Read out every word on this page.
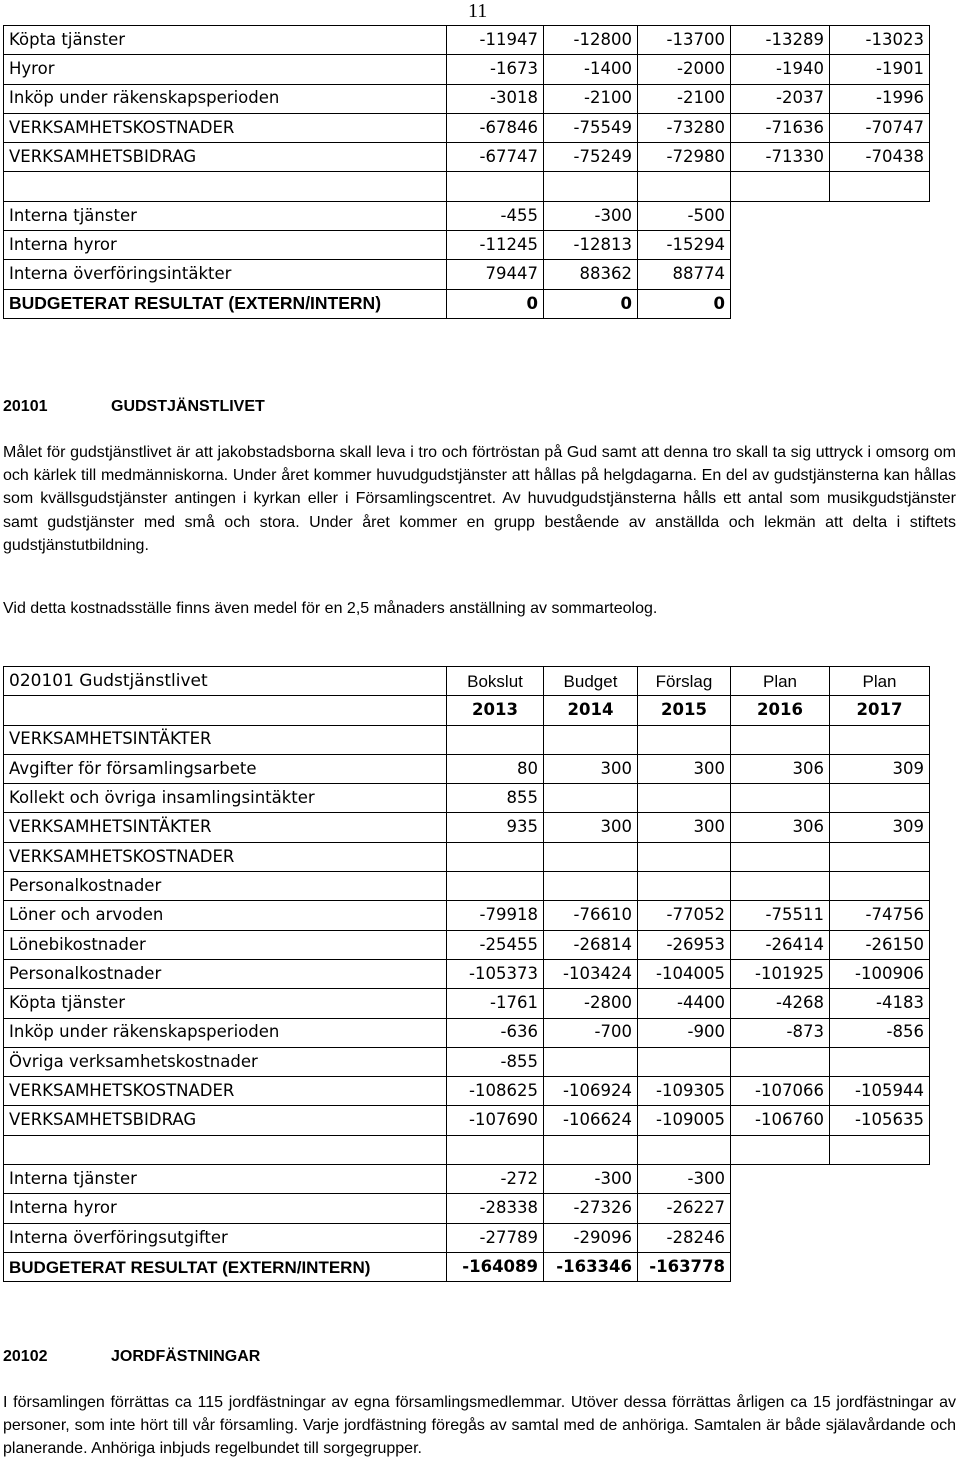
11
Köpta tjänster	-11947	-12800	-13700	-13289	-13023
Hyror	-1673	-1400	-2000	-1940	-1901
Inköp under räkenskapsperioden	-3018	-2100	-2100	-2037	-1996
VERKSAMHETSKOSTNADER	-67846	-75549	-73280	-71636	-70747
VERKSAMHETSBIDRAG	-67747	-75249	-72980	-71330	-70438

Interna tjänster	-455	-300	-500		
Interna hyror	-11245	-12813	-15294		
Interna överföringsintäkter	79447	88362	88774		
BUDGETERAT RESULTAT (EXTERN/INTERN)	0	0	0		
20101	GUDSTJÄNSTLIVET

Målet för gudstjänstlivet är att jakobstadsborna skall leva i tro och förtröstan på Gud samt att denna tro skall ta sig uttryck i omsorg om och kärlek till medmänniskorna. Under året kommer huvudgudstjänster att hållas på helgdagarna. En del av gudstjänsterna kan hållas som kvällsgudstjänster antingen i kyrkan eller i Församlingscentret. Av huvudgudstjänsterna hålls ett antal som musikgudstjänster samt gudstjänster med små och stora. Under året kommer en grupp bestående av anställda och lekmän att delta i stiftets gudstjänstutbildning.

Vid detta kostnadsställe finns även medel för en 2,5 månaders anställning av sommarteolog.

020101 Gudstjänstlivet	Bokslut	Budget	Förslag	Plan	Plan
	2013	2014	2015	2016	2017
VERKSAMHETSINTÄKTER					
Avgifter för församlingsarbete	80	300	300	306	309
Kollekt och övriga insamlingsintäkter	855				
VERKSAMHETSINTÄKTER	935	300	300	306	309
VERKSAMHETSKOSTNADER					
Personalkostnader					
Löner och arvoden	-79918	-76610	-77052	-75511	-74756
Lönebikostnader	-25455	-26814	-26953	-26414	-26150
Personalkostnader	-105373	-103424	-104005	-101925	-100906
Köpta tjänster	-1761	-2800	-4400	-4268	-4183
Inköp under räkenskapsperioden	-636	-700	-900	-873	-856
Övriga verksamhetskostnader	-855				
VERKSAMHETSKOSTNADER	-108625	-106924	-109305	-107066	-105944
VERKSAMHETSBIDRAG	-107690	-106624	-109005	-106760	-105635

Interna tjänster	-272	-300	-300		
Interna hyror	-28338	-27326	-26227		
Interna överföringsutgifter	-27789	-29096	-28246		
BUDGETERAT RESULTAT (EXTERN/INTERN)	-164089	-163346	-163778		
20102	JORDFÄSTNINGAR

I församlingen förrättas ca 115 jordfästningar av egna församlingsmedlemmar. Utöver dessa förrättas årligen ca 15 jordfästningar av personer, som inte hört till vår församling. Varje jordfästning föregås av samtal med de anhöriga. Samtalen är både själavårdande och planerande. Anhöriga inbjuds regelbundet till sorgegrupper.
